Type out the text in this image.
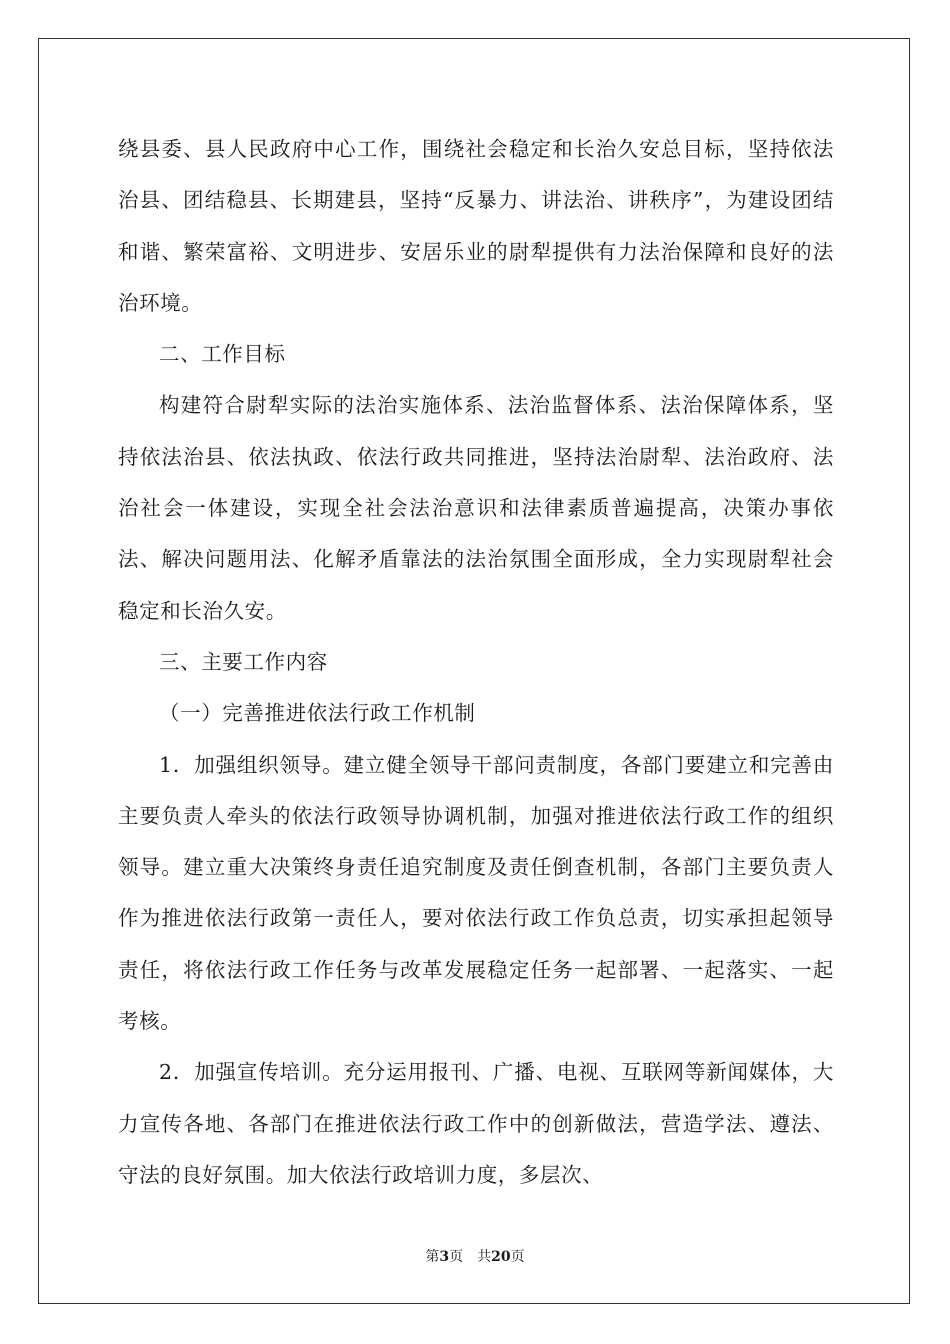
绕县委、县人民政府中心工作，围绕社会稳定和长治久安总目标，坚持依法治县、团结稳县、长期建县，坚持“反暴力、讲法治、讲秩序”，为建设团结和谐、繁荣富裕、文明进步、安居乐业的尉犁提供有力法治保障和良好的法治环境。

二、工作目标

构建符合尉犁实际的法治实施体系、法治监督体系、法治保障体系，坚持依法治县、依法执政、依法行政共同推进，坚持法治尉犁、法治政府、法治社会一体建设，实现全社会法治意识和法律素质普遍提高，决策办事依法、解决问题用法、化解矛盾靠法的法治氛围全面形成，全力实现尉犁社会稳定和长治久安。

三、主要工作内容

（一）完善推进依法行政工作机制

1．加强组织领导。建立健全领导干部问责制度，各部门要建立和完善由主要负责人牵头的依法行政领导协调机制，加强对推进依法行政工作的组织领导。建立重大决策终身责任追究制度及责任倒查机制，各部门主要负责人作为推进依法行政第一责任人，要对依法行政工作负总责，切实承担起领导责任，将依法行政工作任务与改革发展稳定任务一起部署、一起落实、一起考核。

2．加强宣传培训。充分运用报刊、广播、电视、互联网等新闻媒体，大力宣传各地、各部门在推进依法行政工作中的创新做法，营造学法、遵法、守法的良好氛围。加大依法行政培训力度，多层次、

第3页 共20页
